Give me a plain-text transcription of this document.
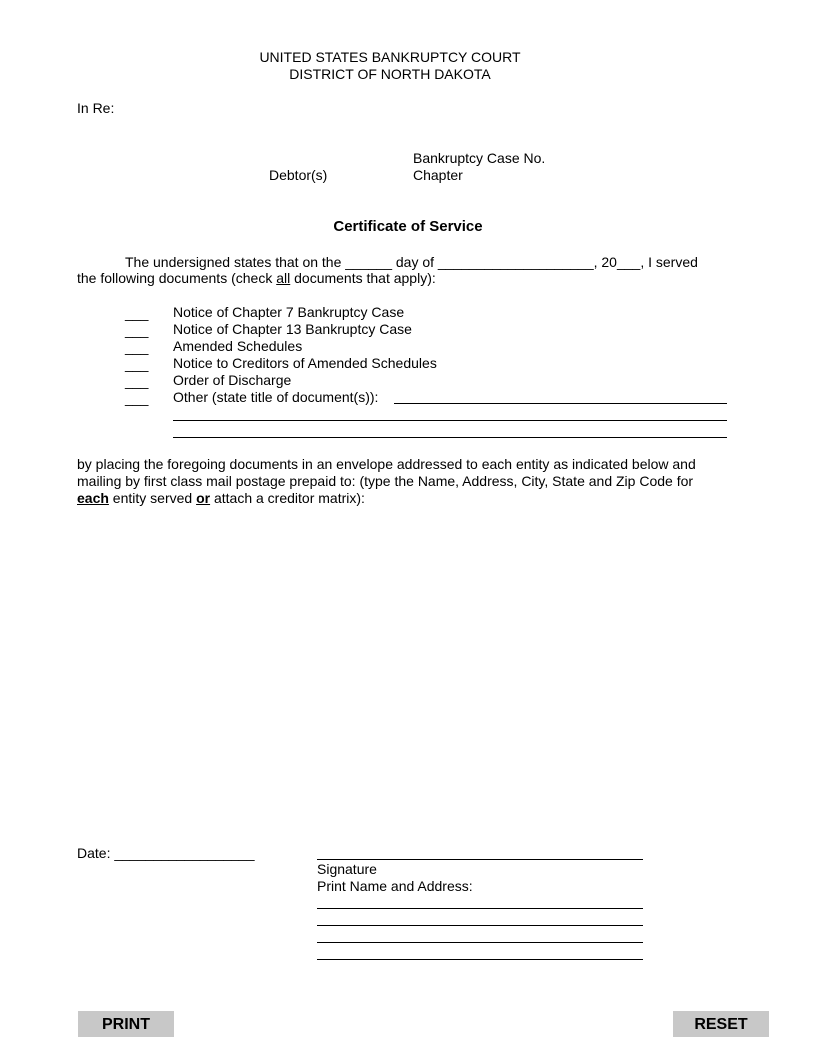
UNITED STATES BANKRUPTCY COURT
DISTRICT OF NORTH DAKOTA
In Re:
Bankruptcy Case No.
Debtor(s)	Chapter
Certificate of Service
The undersigned states that on the ______ day of ____________________, 20___, I served
the following documents (check all documents that apply):
___ Notice of Chapter 7 Bankruptcy Case
___ Notice of Chapter 13 Bankruptcy Case
___ Amended Schedules
___ Notice to Creditors of Amended Schedules
___ Order of Discharge
___ Other (state title of document(s)):
by placing the foregoing documents in an envelope addressed to each entity as indicated below and
mailing by first class mail postage prepaid to: (type the Name, Address, City, State and Zip Code for
each entity served or attach a creditor matrix):
Date: __________________
Signature
Print Name and Address:
PRINT	RESET
